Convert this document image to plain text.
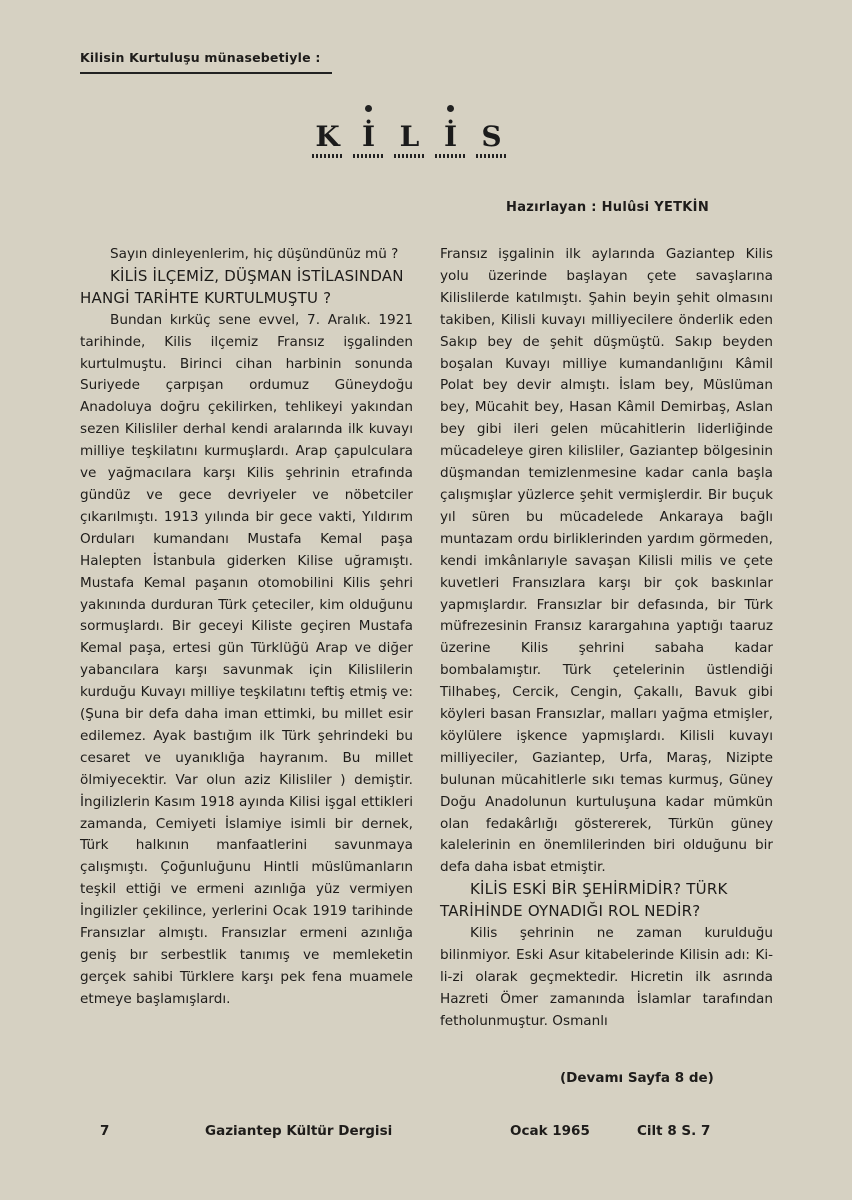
Kilisin Kurtuluşu münasebetiyle :
K İ L İ S
Hazırlayan : Hulûsi YETKİN

Sayın dinleyenlerim, hiç düşündünüz mü ?

KİLİS İLÇEMİZ, DÜŞMAN İSTİLASINDAN HANGİ TARİHTE KURTULMUŞTU ?

Bundan kırküç sene evvel, 7. Aralık. 1921 tarihinde, Kilis ilçemiz Fransız işgalinden kurtulmuştu. Birinci cihan harbinin sonunda Suriyede çarpışan ordumuz Güneydoğu Anadoluya doğru çekilirken, tehlikeyi yakından sezen Kilisliler derhal kendi aralarında ilk kuvayı milliye teşkilatını kurmuşlardı. Arap çapulculara ve yağmacılara karşı Kilis şehrinin etrafında gündüz ve gece devriyeler ve nöbetciler çıkarılmıştı. 1913 yılında bir gece vakti, Yıldırım Orduları kumandanı Mustafa Kemal paşa Halepten İstanbula giderken Kilise uğramıştı. Mustafa Kemal paşanın otomobilini Kilis şehri yakınında durduran Türk çeteciler, kim olduğunu sormuşlardı. Bir geceyi Kiliste geçiren Mustafa Kemal paşa, ertesi gün Türklüğü Arap ve diğer yabancılara karşı savunmak için Kilislilerin kurduğu Kuvayı milliye teşkilatını teftiş etmiş ve: (Şuna bir defa daha iman ettimki, bu millet esir edilemez. Ayak bastığım ilk Türk şehrindeki bu cesaret ve uyanıklığa hayranım. Bu millet ölmiyecektir. Var olun aziz Kilisliler ) demiştir. İngilizlerin Kasım 1918 ayında Kilisi işgal ettikleri zamanda, Cemiyeti İslamiye isimli bir dernek, Türk halkının manfaatlerini savunmaya çalışmıştı. Çoğunluğunu Hintli müslümanların teşkil ettiği ve ermeni azınlığa yüz vermiyen İngilizler çekilince, yerlerini Ocak 1919 tarihinde Fransızlar almıştı. Fransızlar ermeni azınlığa geniş bır serbestlik tanımış ve memleketin gerçek sahibi Türklere karşı pek fena muamele etmeye başlamışlardı.

Fransız işgalinin ilk aylarında Gaziantep Kilis yolu üzerinde başlayan çete savaşlarına Kilislilerde katılmıştı. Şahin beyin şehit olmasını takiben, Kilisli kuvayı milliyecilere önderlik eden Sakıp bey de şehit düşmüştü. Sakıp beyden boşalan Kuvayı milliye kumandanlığını Kâmil Polat bey devir almıştı. İslam bey, Müslüman bey, Mücahit bey, Hasan Kâmil Demirbaş, Aslan bey gibi ileri gelen mücahitlerin liderliğinde mücadeleye giren kilisliler, Gaziantep bölgesinin düşmandan temizlenmesine kadar canla başla çalışmışlar yüzlerce şehit vermişlerdir. Bir buçuk yıl süren bu mücadelede Ankaraya bağlı muntazam ordu birliklerinden yardım görmeden, kendi imkânlarıyle savaşan Kilisli milis ve çete kuvetleri Fransızlara karşı bir çok baskınlar yapmışlardır. Fransızlar bir defasında, bir Türk müfrezesinin Fransız karargahına yaptığı taaruz üzerine Kilis şehrini sabaha kadar bombalamıştır. Türk çetelerinin üstlendiği Tilhabeş, Cercik, Cengin, Çakallı, Bavuk gibi köyleri basan Fransızlar, malları yağma etmişler, köylülere işkence yapmışlardı. Kilisli kuvayı milliyeciler, Gaziantep, Urfa, Maraş, Nizipte bulunan mücahitlerle sıkı temas kurmuş, Güney Doğu Anadolunun kurtuluşuna kadar mümkün olan fedakârlığı göstererek, Türkün güney kalelerinin en önemlilerinden biri olduğunu bir defa daha isbat etmiştir.

KİLİS ESKİ BİR ŞEHİRMİDİR? TÜRK TARİHİNDE OYNADIĞI ROL NEDİR?

Kilis şehrinin ne zaman kurulduğu bilinmiyor. Eski Asur kitabelerinde Kilisin adı: Ki-li-zi olarak geçmektedir. Hicretin ilk asrında Hazreti Ömer zamanında İslamlar tarafından fetholunmuştur. Osmanlı

(Devamı Sayfa 8 de)
7	Gaziantep Kültür Dergisi	Ocak 1965	Cilt 8 S. 7
